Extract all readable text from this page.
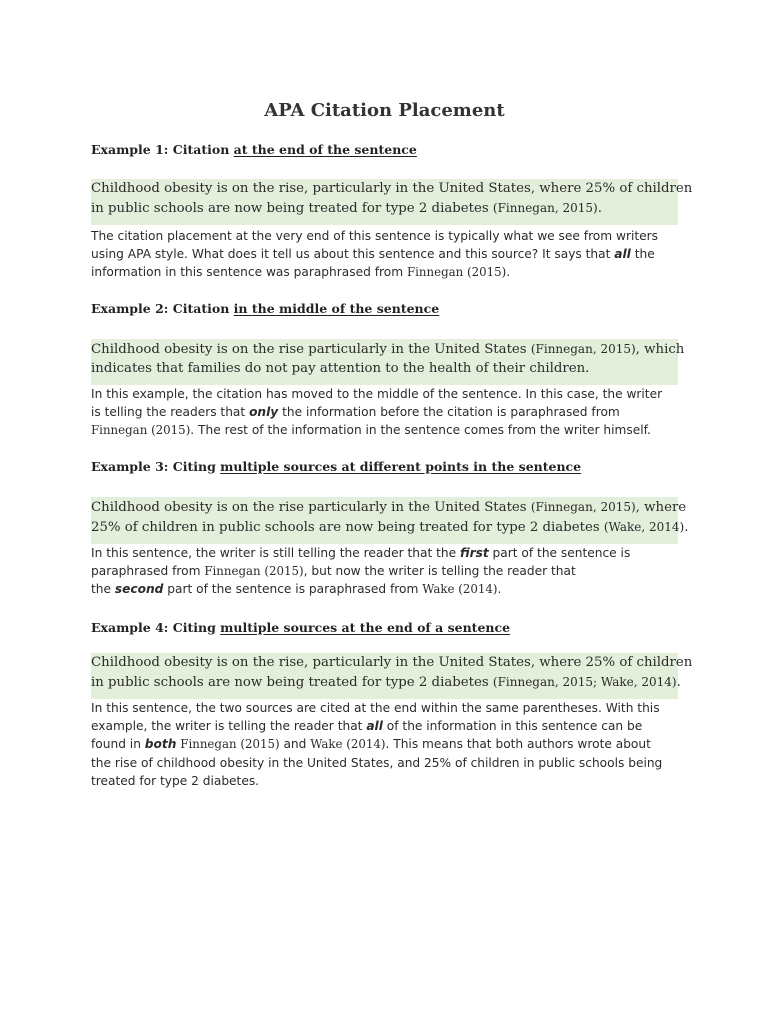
APA Citation Placement
Example 1: Citation at the end of the sentence
Childhood obesity is on the rise, particularly in the United States, where 25% of children
in public schools are now being treated for type 2 diabetes (Finnegan, 2015).
The citation placement at the very end of this sentence is typically what we see from writers
using APA style. What does it tell us about this sentence and this source? It says that all the
information in this sentence was paraphrased from Finnegan (2015).
Example 2: Citation in the middle of the sentence
Childhood obesity is on the rise particularly in the United States (Finnegan, 2015), which
indicates that families do not pay attention to the health of their children.
In this example, the citation has moved to the middle of the sentence. In this case, the writer
is telling the readers that only the information before the citation is paraphrased from
Finnegan (2015). The rest of the information in the sentence comes from the writer himself.
Example 3: Citing multiple sources at different points in the sentence
Childhood obesity is on the rise particularly in the United States (Finnegan, 2015), where
25% of children in public schools are now being treated for type 2 diabetes (Wake, 2014).
In this sentence, the writer is still telling the reader that the first part of the sentence is
paraphrased from Finnegan (2015), but now the writer is telling the reader that
the second part of the sentence is paraphrased from Wake (2014).
Example 4: Citing multiple sources at the end of a sentence
Childhood obesity is on the rise, particularly in the United States, where 25% of children
in public schools are now being treated for type 2 diabetes (Finnegan, 2015; Wake, 2014).
In this sentence, the two sources are cited at the end within the same parentheses. With this
example, the writer is telling the reader that all of the information in this sentence can be
found in both Finnegan (2015) and Wake (2014). This means that both authors wrote about
the rise of childhood obesity in the United States, and 25% of children in public schools being
treated for type 2 diabetes.
